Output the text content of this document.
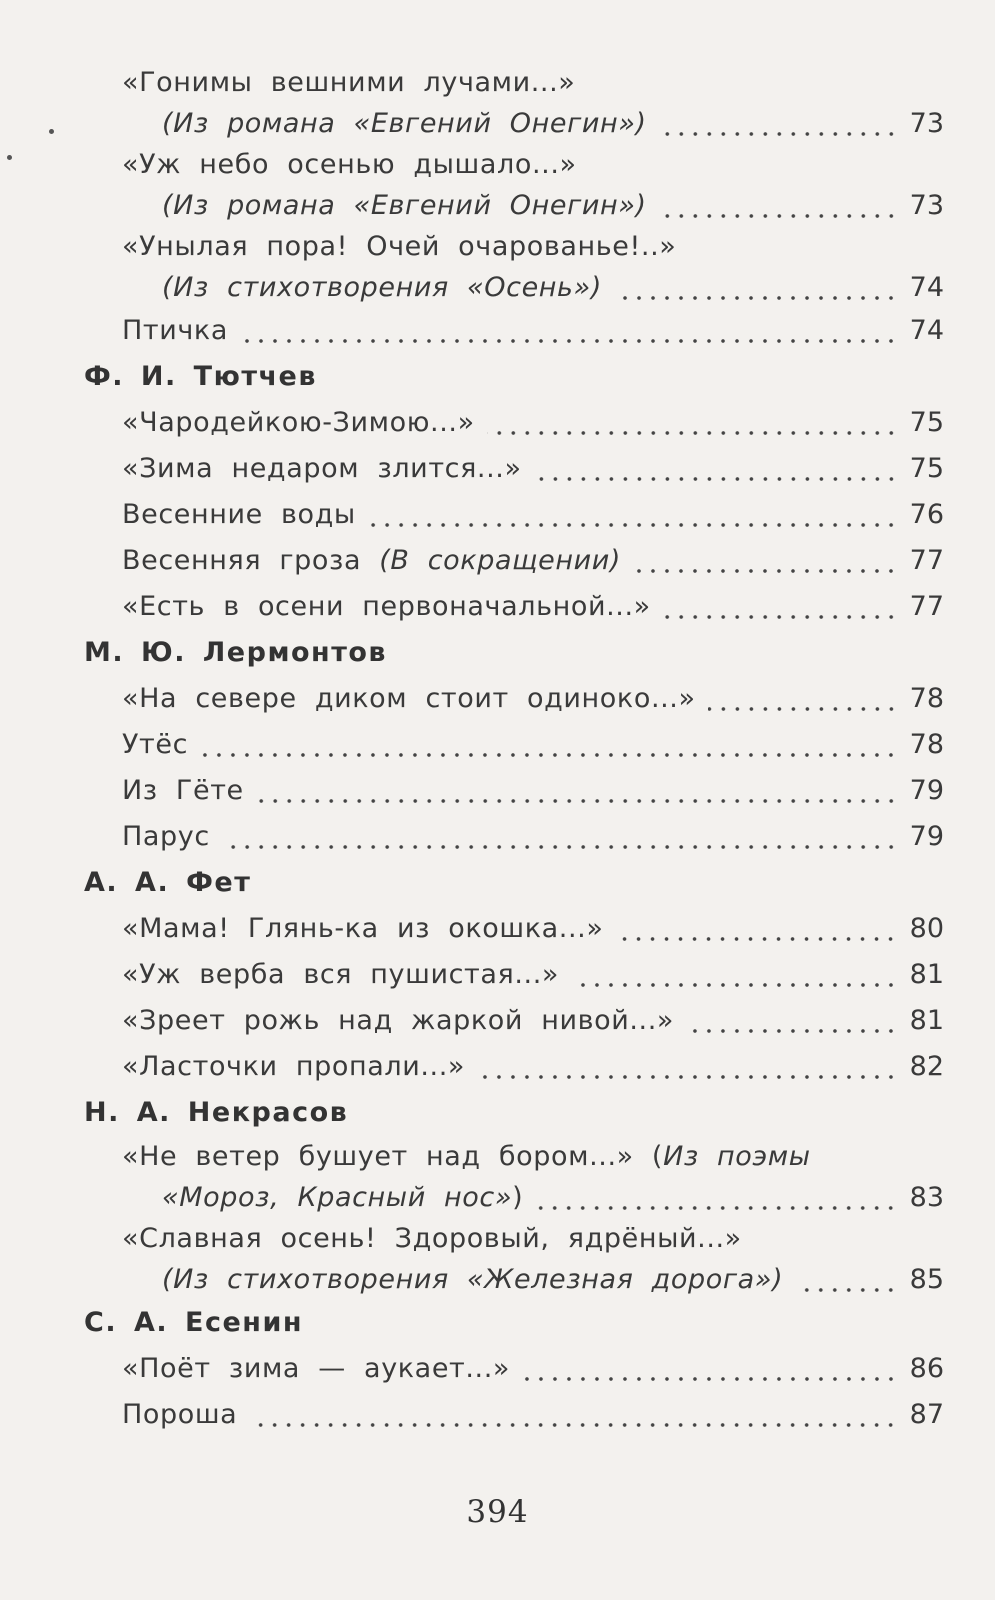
«Гонимы вешними лучами...»
(Из романа «Евгений Онегин»)	73
«Уж небо осенью дышало...»
(Из романа «Евгений Онегин»)	73
«Унылая пора! Очей очарованье!..»
(Из стихотворения «Осень»)	74
Птичка	74
Ф. И. Тютчев
«Чародейкою-Зимою...»	75
«Зима недаром злится...»	75
Весенние воды	76
Весенняя гроза
(В сокращении)	77
«Есть в осени первоначальной...»	77
М. Ю. Лермонтов
«На севере диком стоит одиноко...»	78
Утёс	78
Из Гёте	79
Парус	79
А. А. Фет
«Мама! Глянь-ка из окошка...»	80
«Уж верба вся пушистая...»	81
«Зреет рожь над жаркой нивой...»	81
«Ласточки пропали...»	82
Н. А. Некрасов
«Не ветер бушует над бором...» ( Из поэмы
«Мороз, Красный нос» )	83
«Славная осень! Здоровый, ядрёный...»
(Из стихотворения «Железная дорога»)	85
С. А. Есенин
«Поёт зима — аукает...»	86
Пороша	87
394
